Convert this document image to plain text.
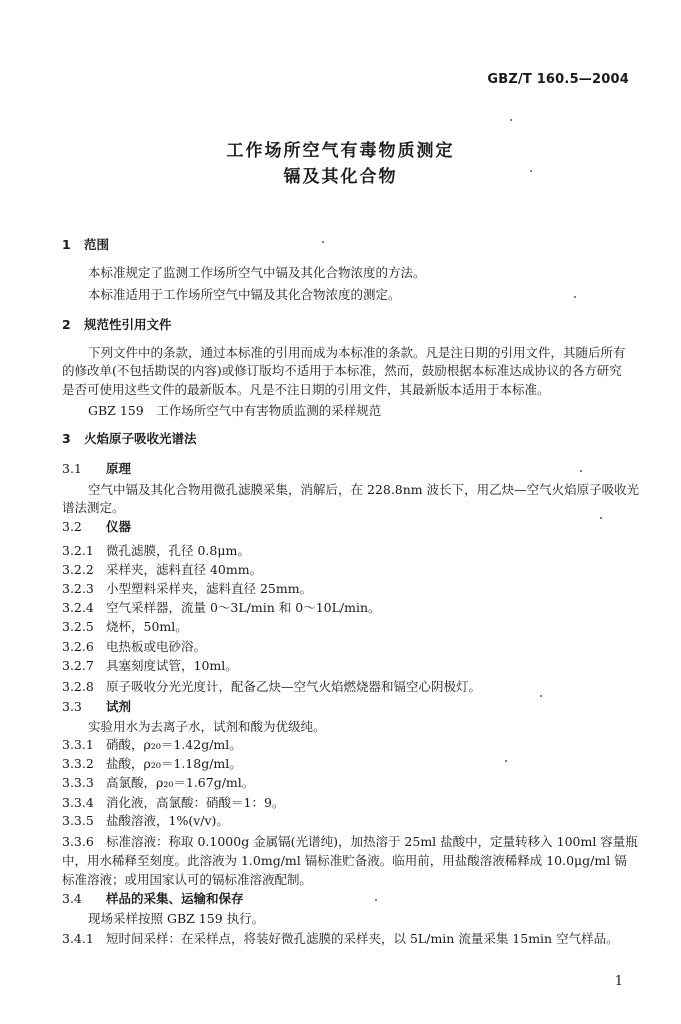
GBZ/T 160.5—2004
工作场所空气有毒物质测定
镉及其化合物
1 范围
本标准规定了监测工作场所空气中镉及其化合物浓度的方法。
本标准适用于工作场所空气中镉及其化合物浓度的测定。
2 规范性引用文件
下列文件中的条款，通过本标准的引用而成为本标准的条款。凡是注日期的引用文件，其随后所有
的修改单(不包括勘误的内容)或修订版均不适用于本标准，然而，鼓励根据本标准达成协议的各方研究
是否可使用这些文件的最新版本。凡是不注日期的引用文件，其最新版本适用于本标准。
GBZ 159　工作场所空气中有害物质监测的采样规范
3 火焰原子吸收光谱法
3.1 原理
空气中镉及其化合物用微孔滤膜采集，消解后，在 228.8nm 波长下，用乙炔—空气火焰原子吸收光
谱法测定。
3.2 仪器
3.2.1 微孔滤膜，孔径 0.8μm。
3.2.2 采样夹，滤料直径 40mm。
3.2.3 小型塑料采样夹，滤料直径 25mm。
3.2.4 空气采样器，流量 0～3L/min 和 0～10L/min。
3.2.5 烧杯，50ml。
3.2.6 电热板或电砂浴。
3.2.7 具塞刻度试管，10ml。
3.2.8 原子吸收分光光度计，配备乙炔—空气火焰燃烧器和镉空心阴极灯。
3.3 试剂
实验用水为去离子水，试剂和酸为优级纯。
3.3.1 硝酸，ρ₂₀＝1.42g/ml。
3.3.2 盐酸，ρ₂₀＝1.18g/ml。
3.3.3 高氯酸，ρ₂₀＝1.67g/ml。
3.3.4 消化液，高氯酸：硝酸＝1：9。
3.3.5 盐酸溶液，1%(v/v)。
3.3.6 标准溶液：称取 0.1000g 金属镉(光谱纯)，加热溶于 25ml 盐酸中，定量转移入 100ml 容量瓶
中，用水稀释至刻度。此溶液为 1.0mg/ml 镉标准贮备液。临用前，用盐酸溶液稀释成 10.0μg/ml 镉
标准溶液；或用国家认可的镉标准溶液配制。
3.4 样品的采集、运输和保存
现场采样按照 GBZ 159 执行。
3.4.1 短时间采样：在采样点，将装好微孔滤膜的采样夹，以 5L/min 流量采集 15min 空气样品。
1
